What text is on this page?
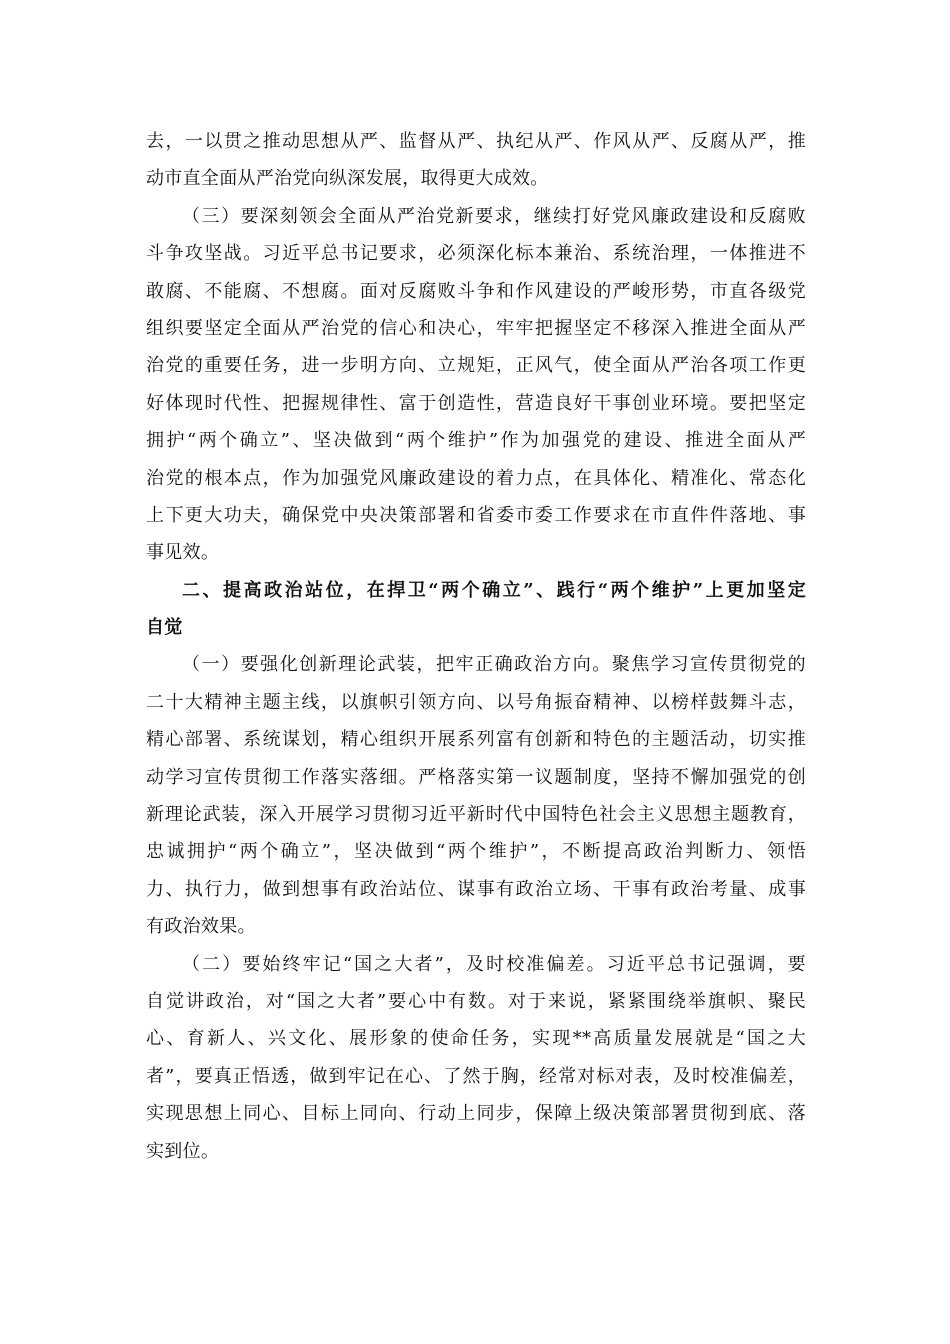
去，一以贯之推动思想从严、监督从严、执纪从严、作风从严、反腐从严，推
动市直全面从严治党向纵深发展，取得更大成效。
（三）要深刻领会全面从严治党新要求，继续打好党风廉政建设和反腐败
斗争攻坚战。习近平总书记要求，必须深化标本兼治、系统治理，一体推进不
敢腐、不能腐、不想腐。面对反腐败斗争和作风建设的严峻形势，市直各级党
组织要坚定全面从严治党的信心和决心，牢牢把握坚定不移深入推进全面从严
治党的重要任务，进一步明方向、立规矩，正风气，使全面从严治各项工作更
好体现时代性、把握规律性、富于创造性，营造良好干事创业环境。要把坚定
拥护“两个确立”、坚决做到“两个维护”作为加强党的建设、推进全面从严
治党的根本点，作为加强党风廉政建设的着力点，在具体化、精准化、常态化
上下更大功夫，确保党中央决策部署和省委市委工作要求在市直件件落地、事
事见效。
二、提高政治站位，在捍卫“两个确立”、践行“两个维护”上更加坚定
自觉
（一）要强化创新理论武装，把牢正确政治方向。聚焦学习宣传贯彻党的
二十大精神主题主线，以旗帜引领方向、以号角振奋精神、以榜样鼓舞斗志，
精心部署、系统谋划，精心组织开展系列富有创新和特色的主题活动，切实推
动学习宣传贯彻工作落实落细。严格落实第一议题制度，坚持不懈加强党的创
新理论武装，深入开展学习贯彻习近平新时代中国特色社会主义思想主题教育，
忠诚拥护“两个确立”，坚决做到“两个维护”，不断提高政治判断力、领悟
力、执行力，做到想事有政治站位、谋事有政治立场、干事有政治考量、成事
有政治效果。
（二）要始终牢记“国之大者”，及时校准偏差。习近平总书记强调，要
自觉讲政治，对“国之大者”要心中有数。对于来说，紧紧围绕举旗帜、聚民
心、育新人、兴文化、展形象的使命任务，实现**高质量发展就是“国之大
者”，要真正悟透，做到牢记在心、了然于胸，经常对标对表，及时校准偏差，
实现思想上同心、目标上同向、行动上同步，保障上级决策部署贯彻到底、落
实到位。
